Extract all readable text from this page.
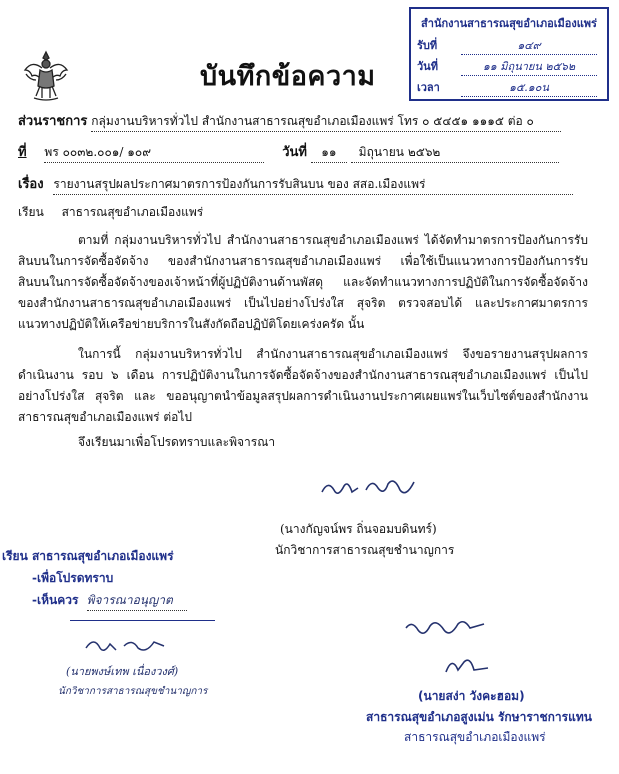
บันทึกข้อความ
สำนักงานสาธารณสุขอำเภอเมืองแพร่
รับที่	๑๔๙
วันที่	๑๑ มิถุนายน ๒๕๖๒
เวลา	๑๕.๑๐น
ส่วนราชการ กลุ่มงานบริหารทั่วไป สำนักงานสาธารณสุขอำเภอเมืองแพร่ โทร ๐ ๕๔๕๑ ๑๑๑๕ ต่อ ๐
ที่ พร ๐๐๓๒.๐๐๑/ ๑๐๙	วันที่ ๑๑ มิถุนายน ๒๕๖๒
เรื่อง รายงานสรุปผลประกาศมาตรการป้องกันการรับสินบน ของ สสอ.เมืองแพร่
เรียน สาธารณสุขอำเภอเมืองแพร่
ตามที่ กลุ่มงานบริหารทั่วไป สำนักงานสาธารณสุขอำเภอเมืองแพร่ ได้จัดทำมาตรการป้องกันการรับสินบนในการจัดซื้อจัดจ้าง ของสำนักงานสาธารณสุขอำเภอเมืองแพร่ เพื่อใช้เป็นแนวทางการป้องกันการรับสินบนในการจัดซื้อจัดจ้างของเจ้าหน้าที่ผู้ปฏิบัติงานด้านพัสดุ และจัดทำแนวทางการปฏิบัติในการจัดซื้อจัดจ้างของสำนักงานสาธารณสุขอำเภอเมืองแพร่ เป็นไปอย่างโปร่งใส สุจริต ตรวจสอบได้ และประกาศมาตรการแนวทางปฏิบัติให้เครือข่ายบริการในสังกัดถือปฏิบัติโดยเคร่งครัด นั้น
ในการนี้ กลุ่มงานบริหารทั่วไป สำนักงานสาธารณสุขอำเภอเมืองแพร่ จึงขอรายงานสรุปผลการดำเนินงาน รอบ ๖ เดือน การปฏิบัติงานในการจัดซื้อจัดจ้างของสำนักงานสาธารณสุขอำเภอเมืองแพร่ เป็นไปอย่างโปร่งใส สุจริต และ ขออนุญาตนำข้อมูลสรุปผลการดำเนินงานประกาศเผยแพร่ในเว็บไซต์ของสำนักงานสาธารณสุขอำเภอเมืองแพร่ ต่อไป
จึงเรียนมาเพื่อโปรดทราบและพิจารณา
(นางกัญจน์พร ถิ่นจอมบดินทร์)
นักวิชาการสาธารณสุขชำนาญการ
เรียน สาธารณสุขอำเภอเมืองแพร่
-เพื่อโปรดทราบ
-เห็นควร พิจารณาอนุญาต
(นายพงษ์เทพ เนื่องวงศ์)
นักวิชาการสาธารณสุขชำนาญการ	(นายสง่า วังคะฮอม)
สาธารณสุขอำเภอสูงเม่น รักษาราชการแทน
สาธารณสุขอำเภอเมืองแพร่
